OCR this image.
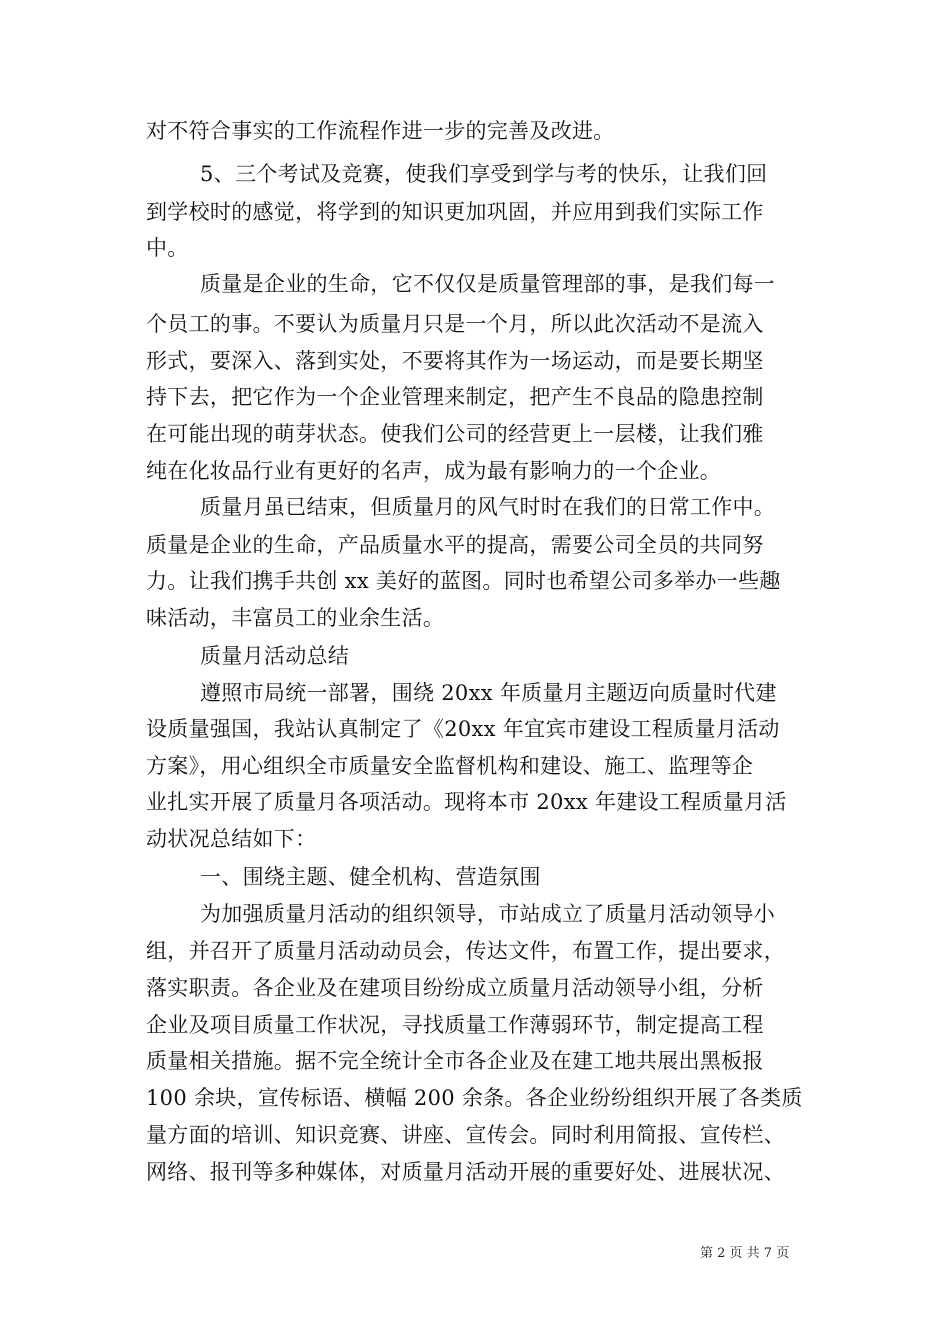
对不符合事实的工作流程作进一步的完善及改进。
5、三个考试及竞赛，使我们享受到学与考的快乐，让我们回
到学校时的感觉，将学到的知识更加巩固，并应用到我们实际工作
中。
质量是企业的生命，它不仅仅是质量管理部的事，是我们每一
个员工的事。不要认为质量月只是一个月，所以此次活动不是流入
形式，要深入、落到实处，不要将其作为一场运动，而是要长期坚
持下去，把它作为一个企业管理来制定，把产生不良品的隐患控制
在可能出现的萌芽状态。使我们公司的经营更上一层楼，让我们雅
纯在化妆品行业有更好的名声，成为最有影响力的一个企业。
质量月虽已结束，但质量月的风气时时在我们的日常工作中。
质量是企业的生命，产品质量水平的提高，需要公司全员的共同努
力。让我们携手共创 xx 美好的蓝图。同时也希望公司多举办一些趣
味活动，丰富员工的业余生活。
质量月活动总结
遵照市局统一部署，围绕 20xx 年质量月主题迈向质量时代建
设质量强国，我站认真制定了《20xx 年宜宾市建设工程质量月活动
方案》，用心组织全市质量安全监督机构和建设、施工、监理等企
业扎实开展了质量月各项活动。现将本市 20xx 年建设工程质量月活
动状况总结如下：
一、围绕主题、健全机构、营造氛围
为加强质量月活动的组织领导，市站成立了质量月活动领导小
组，并召开了质量月活动动员会，传达文件，布置工作，提出要求，
落实职责。各企业及在建项目纷纷成立质量月活动领导小组，分析
企业及项目质量工作状况，寻找质量工作薄弱环节，制定提高工程
质量相关措施。据不完全统计全市各企业及在建工地共展出黑板报
100 余块，宣传标语、横幅 200 余条。各企业纷纷组织开展了各类质
量方面的培训、知识竞赛、讲座、宣传会。同时利用简报、宣传栏、
网络、报刊等多种媒体，对质量月活动开展的重要好处、进展状况、
第 2 页 共 7 页
